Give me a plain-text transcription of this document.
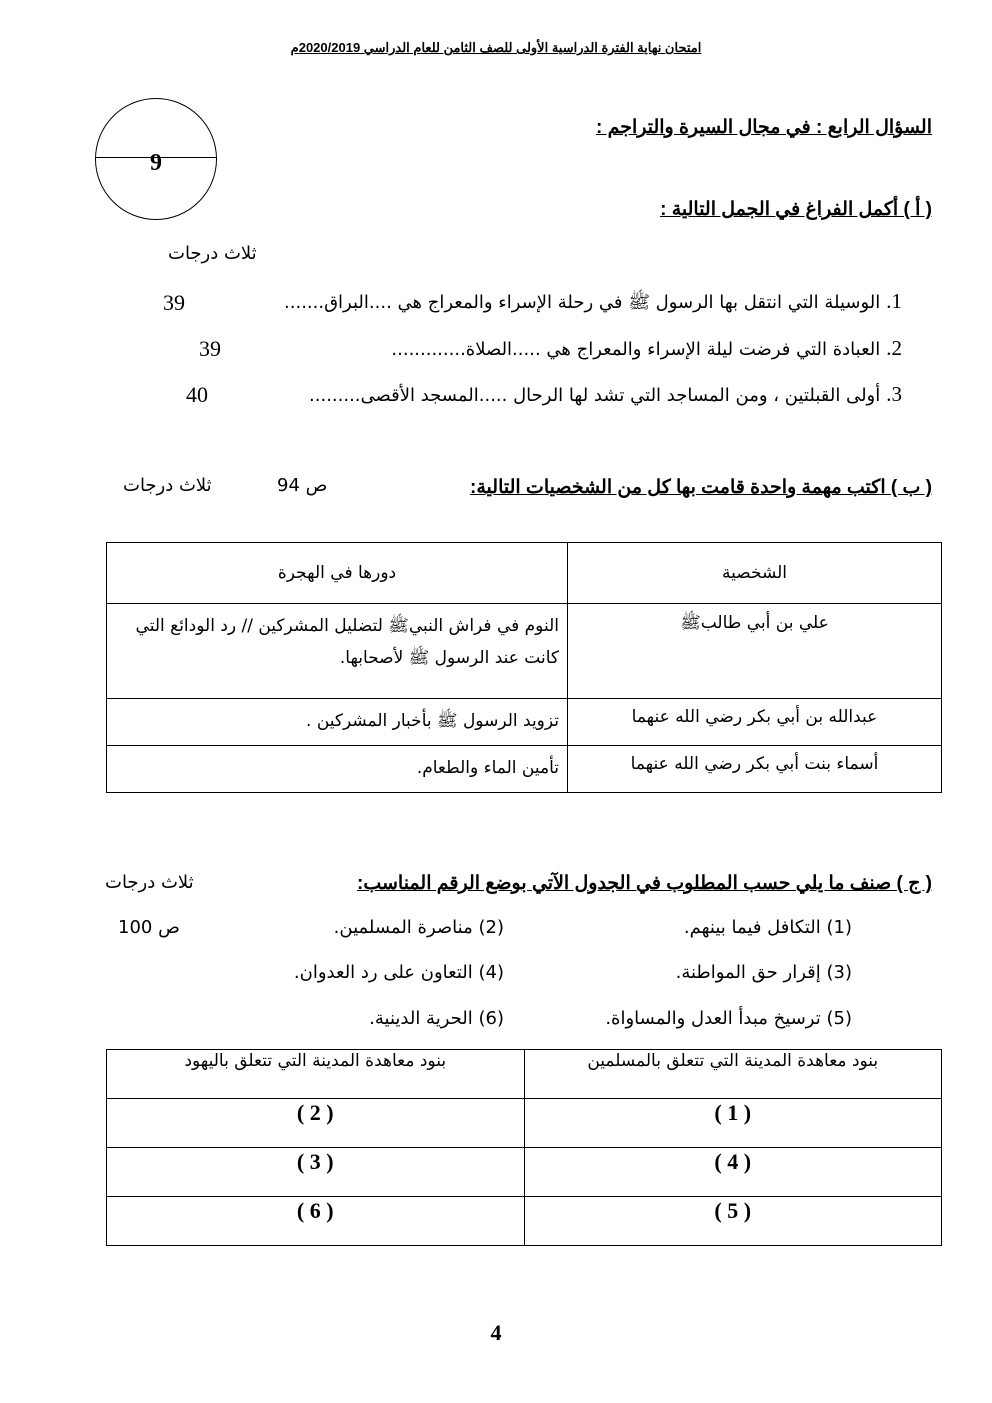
امتحان نهاية الفترة الدراسية الأولى للصف الثامن للعام الدراسي 2020/2019م
9
السؤال الرابع : في مجال السيرة والتراجم :
( أ ) أكمل الفراغ في الجمل التالية :
ثلاث درجات
1.الوسيلة التي انتقل بها الرسول ﷺ في رحلة الإسراء والمعراج هي ....البراق.......
39
2.العبادة التي فرضت ليلة الإسراء والمعراج هي .....الصلاة.............
39
3.أولى القبلتين ، ومن المساجد التي تشد لها الرحال .....المسجد الأقصى.........
40
( ب ) اكتب مهمة واحدة قامت بها كل من الشخصيات التالية:
ص 94
ثلاث درجات
الشخصية	دورها في الهجرة
علي بن أبي طالبﷺ	النوم في فراش النبيﷺ لتضليل المشركين // رد الودائع التي كانت عند الرسول ﷺ لأصحابها.
عبدالله بن أبي بكر رضي الله عنهما	تزويد الرسول ﷺ بأخبار المشركين .
أسماء بنت أبي بكر رضي الله عنهما	تأمين الماء والطعام.
( ج ) صنف ما يلي حسب المطلوب في الجدول الآتي بوضع الرقم المناسب:
ثلاث درجات
(1) التكافل فيما بينهم.
(2) مناصرة المسلمين.
ص 100
(3) إقرار حق المواطنة.
(4) التعاون على رد العدوان.
(5) ترسيخ مبدأ العدل والمساواة.
(6) الحرية الدينية.
بنود معاهدة المدينة التي تتعلق بالمسلمين	بنود معاهدة المدينة التي تتعلق باليهود
( 1 )	( 2 )
( 4 )	( 3 )
( 5 )	( 6 )
4
